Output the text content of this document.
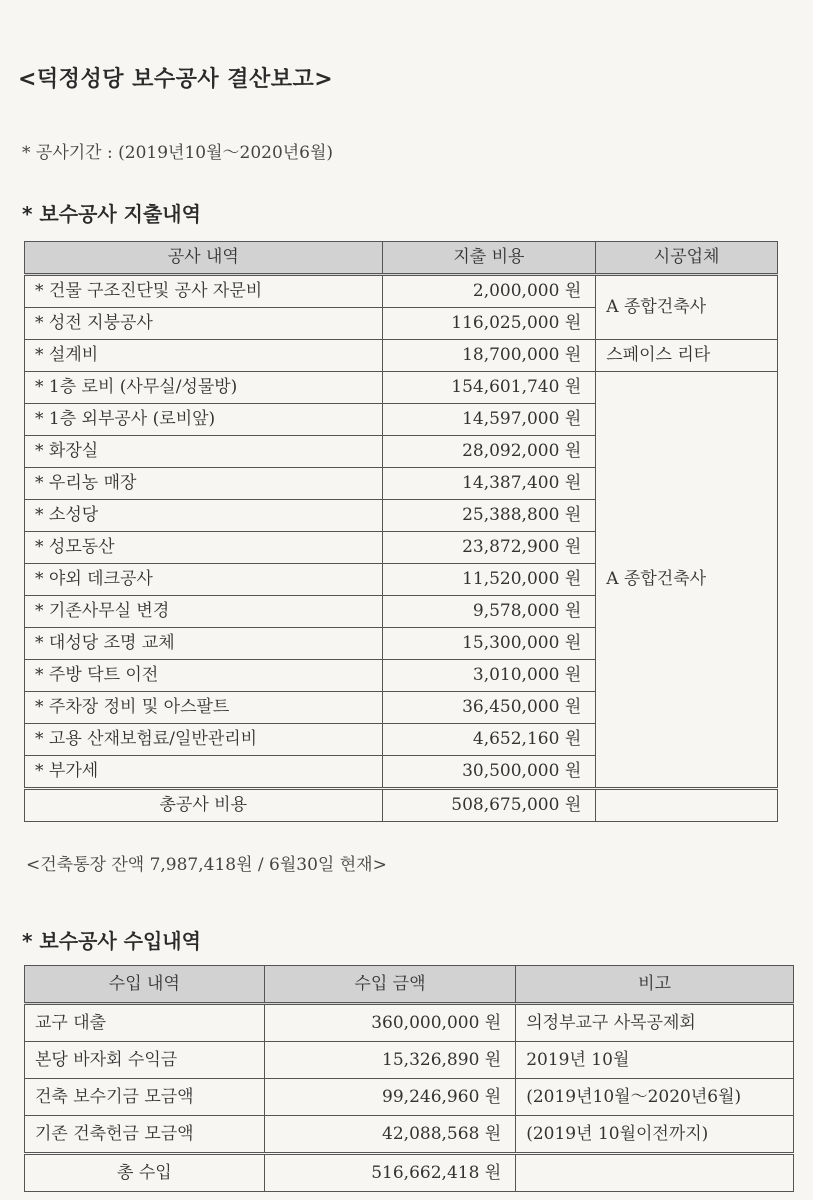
<덕정성당 보수공사 결산보고>
* 공사기간 : (2019년10월～2020년6월)
* 보수공사 지출내역
공사 내역	지출 비용	시공업체
* 건물 구조진단및 공사 자문비	2,000,000 원	A 종합건축사
* 성전 지붕공사	116,025,000 원	
* 설계비	18,700,000 원	스페이스 리타
* 1층 로비 (사무실/성물방)	154,601,740 원	A 종합건축사
* 1층 외부공사 (로비앞)	14,597,000 원	
* 화장실	28,092,000 원	
* 우리농 매장	14,387,400 원	
* 소성당	25,388,800 원	
* 성모동산	23,872,900 원	
* 야외 데크공사	11,520,000 원	
* 기존사무실 변경	9,578,000 원	
* 대성당 조명 교체	15,300,000 원	
* 주방 닥트 이전	3,010,000 원	
* 주차장 정비 및 아스팔트	36,450,000 원	
* 고용 산재보험료/일반관리비	4,652,160 원	
* 부가세	30,500,000 원	
총공사 비용	508,675,000 원	
<건축통장 잔액 7,987,418원 / 6월30일 현재>
* 보수공사 수입내역
수입 내역	수입 금액	비고
교구 대출	360,000,000 원	의정부교구 사목공제회
본당 바자회 수익금	15,326,890 원	2019년 10월
건축 보수기금 모금액	99,246,960 원	(2019년10월～2020년6월)
기존 건축헌금 모금액	42,088,568 원	(2019년 10월이전까지)
총 수입	516,662,418 원	
